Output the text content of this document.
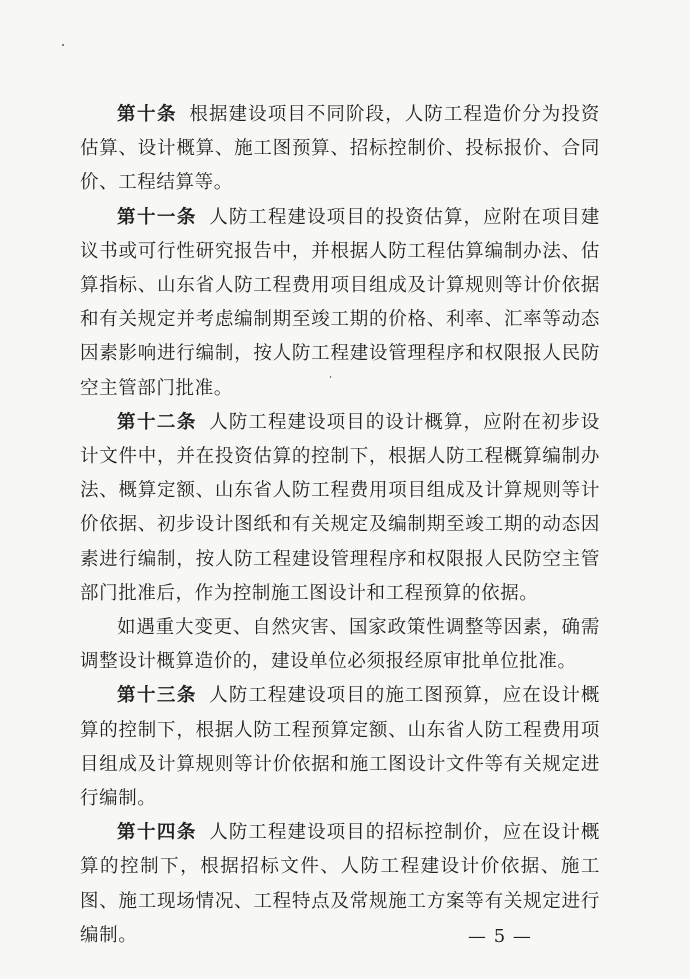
第十条 根据建设项目不同阶段，人防工程造价分为投资估算、设计概算、施工图预算、招标控制价、投标报价、合同价、工程结算等。

第十一条 人防工程建设项目的投资估算，应附在项目建议书或可行性研究报告中，并根据人防工程估算编制办法、估算指标、山东省人防工程费用项目组成及计算规则等计价依据和有关规定并考虑编制期至竣工期的价格、利率、汇率等动态因素影响进行编制，按人防工程建设管理程序和权限报人民防空主管部门批准。

第十二条 人防工程建设项目的设计概算，应附在初步设计文件中，并在投资估算的控制下，根据人防工程概算编制办法、概算定额、山东省人防工程费用项目组成及计算规则等计价依据、初步设计图纸和有关规定及编制期至竣工期的动态因素进行编制，按人防工程建设管理程序和权限报人民防空主管部门批准后，作为控制施工图设计和工程预算的依据。

如遇重大变更、自然灾害、国家政策性调整等因素，确需调整设计概算造价的，建设单位必须报经原审批单位批准。

第十三条 人防工程建设项目的施工图预算，应在设计概算的控制下，根据人防工程预算定额、山东省人防工程费用项目组成及计算规则等计价依据和施工图设计文件等有关规定进行编制。

第十四条 人防工程建设项目的招标控制价，应在设计概算的控制下，根据招标文件、人防工程建设计价依据、施工图、施工现场情况、工程特点及常规施工方案等有关规定进行编制。	— 5 —
